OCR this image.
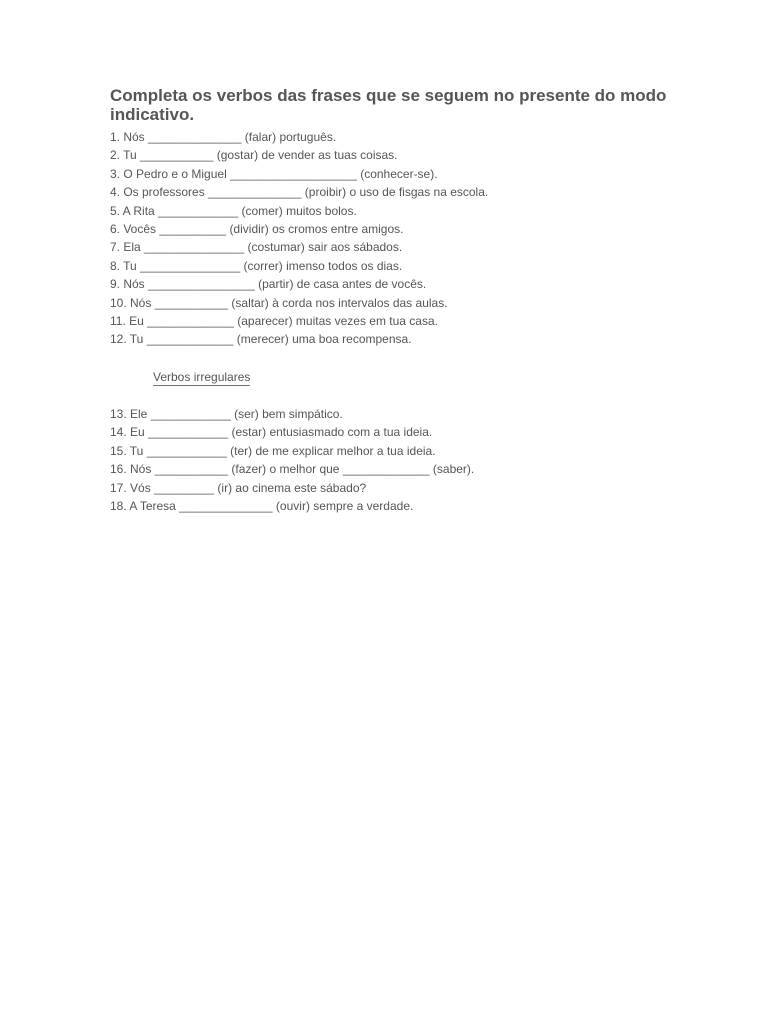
Completa os verbos das frases que se seguem no presente do modo indicativo.
1. Nós ______________ (falar) português.
2. Tu ___________ (gostar) de vender as tuas coisas.
3. O Pedro e o Miguel ___________________ (conhecer-se).
4. Os professores ______________ (proibir) o uso de fisgas na escola.
5. A Rita ____________ (comer) muitos bolos.
6. Vocês __________ (dividir) os cromos entre amigos.
7. Ela _______________ (costumar) sair aos sábados.
8. Tu _______________ (correr) imenso todos os dias.
9. Nós ________________ (partir) de casa antes de vocês.
10. Nós ___________ (saltar) à corda nos intervalos das aulas.
11. Eu _____________ (aparecer) muitas vezes em tua casa.
12. Tu _____________ (merecer) uma boa recompensa.
Verbos irregulares
13. Ele ____________ (ser) bem simpático.
14. Eu ____________ (estar) entusiasmado com a tua ideia.
15. Tu ____________ (ter) de me explicar melhor a tua ideia.
16. Nós ___________ (fazer) o melhor que _____________ (saber).
17. Vós _________ (ir) ao cinema este sábado?
18. A Teresa ______________ (ouvir) sempre a verdade.
